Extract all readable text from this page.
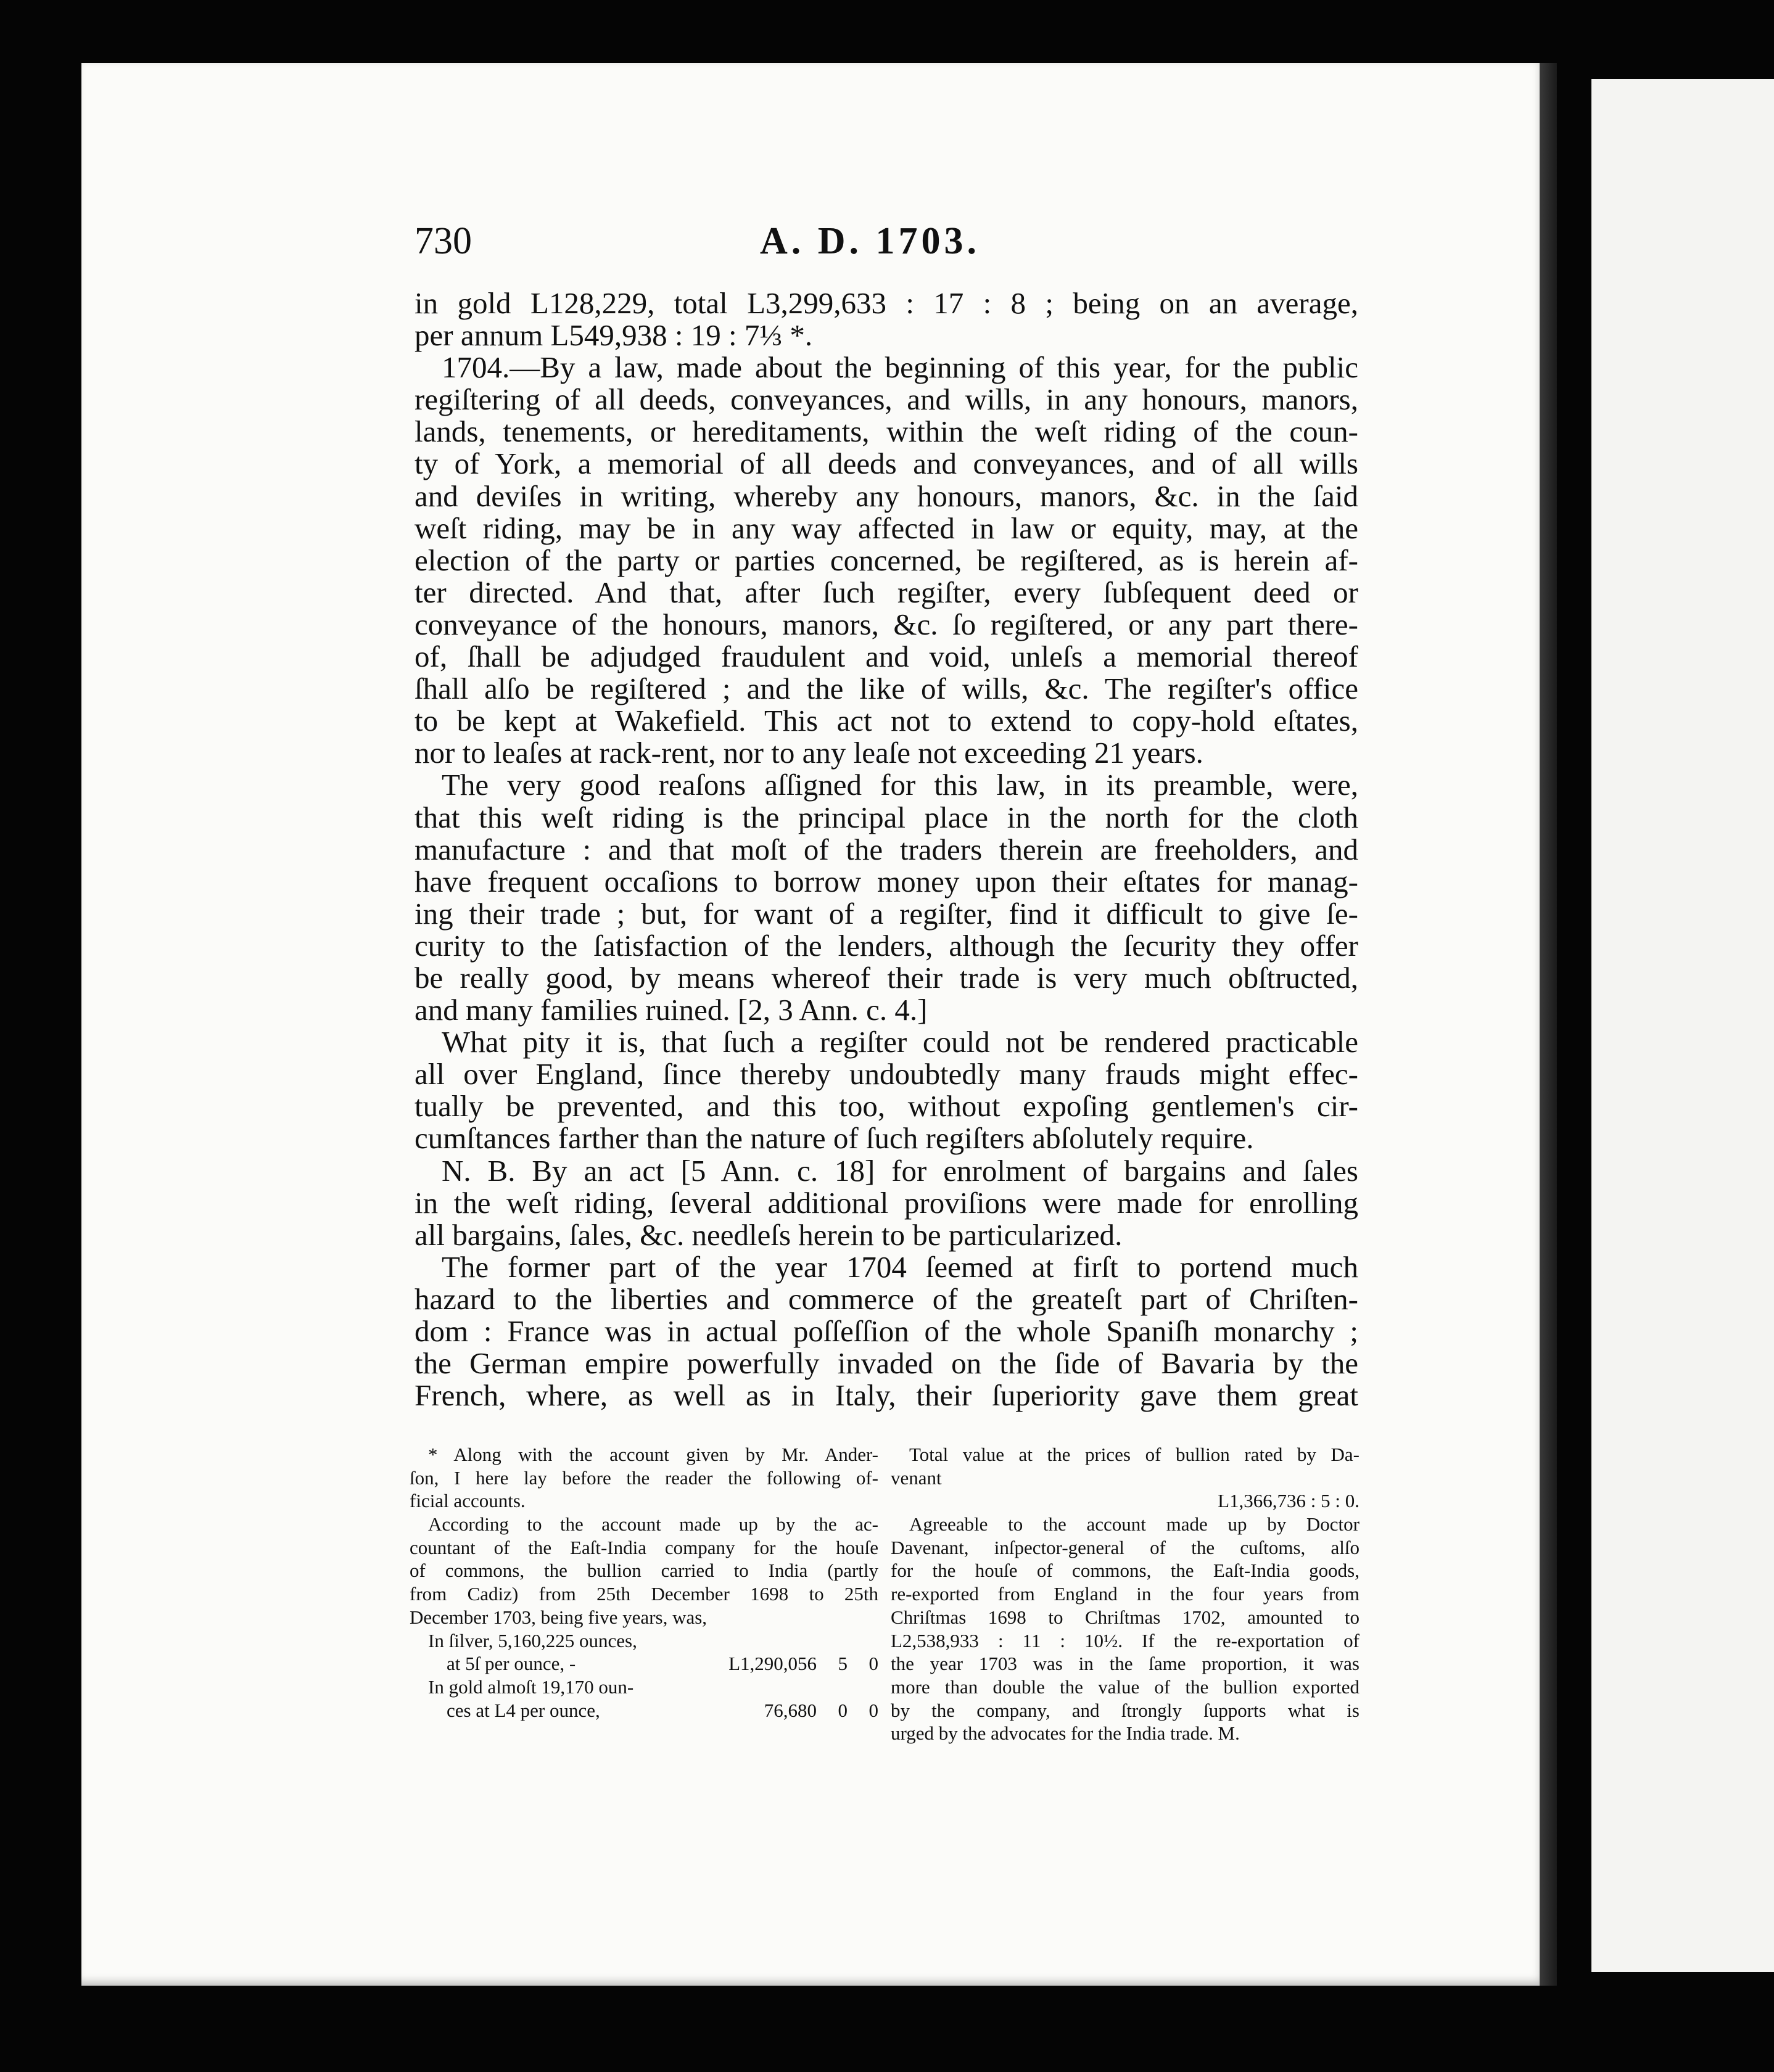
730	A. D. 1703.
in gold L128,229, total L3,299,633 : 17 : 8 ; being on an average,
per annum L549,938 : 19 : 7⅓ *.
1704.—By a law, made about the beginning of this year, for the public
regiſtering of all deeds, conveyances, and wills, in any honours, manors,
lands, tenements, or hereditaments, within the weſt riding of the coun-
ty of York, a memorial of all deeds and conveyances, and of all wills
and deviſes in writing, whereby any honours, manors, &c. in the ſaid
weſt riding, may be in any way affected in law or equity, may, at the
election of the party or parties concerned, be regiſtered, as is herein af-
ter directed. And that, after ſuch regiſter, every ſubſequent deed or
conveyance of the honours, manors, &c. ſo regiſtered, or any part there-
of, ſhall be adjudged fraudulent and void, unleſs a memorial thereof
ſhall alſo be regiſtered ; and the like of wills, &c. The regiſter's office
to be kept at Wakefield. This act not to extend to copy-hold eſtates,
nor to leaſes at rack-rent, nor to any leaſe not exceeding 21 years.
The very good reaſons aſſigned for this law, in its preamble, were,
that this weſt riding is the principal place in the north for the cloth
manufacture : and that moſt of the traders therein are freeholders, and
have frequent occaſions to borrow money upon their eſtates for manag-
ing their trade ; but, for want of a regiſter, find it difficult to give ſe-
curity to the ſatisfaction of the lenders, although the ſecurity they offer
be really good, by means whereof their trade is very much obſtructed,
and many families ruined. [2, 3 Ann. c. 4.]
What pity it is, that ſuch a regiſter could not be rendered practicable
all over England, ſince thereby undoubtedly many frauds might effec-
tually be prevented, and this too, without expoſing gentlemen's cir-
cumſtances farther than the nature of ſuch regiſters abſolutely require.
N. B. By an act [5 Ann. c. 18] for enrolment of bargains and ſales
in the weſt riding, ſeveral additional proviſions were made for enrolling
all bargains, ſales, &c. needleſs herein to be particularized.
The former part of the year 1704 ſeemed at firſt to portend much
hazard to the liberties and commerce of the greateſt part of Chriſten-
dom : France was in actual poſſeſſion of the whole Spaniſh monarchy ;
the German empire powerfully invaded on the ſide of Bavaria by the
French, where, as well as in Italy, their ſuperiority gave them great
* Along with the account given by Mr. Ander-
ſon, I here lay before the reader the following of-
ficial accounts.
According to the account made up by the ac-
countant of the Eaſt-India company for the houſe
of commons, the bullion carried to India (partly
from Cadiz) from 25th December 1698 to 25th
December 1703, being five years, was,
In ſilver, 5,160,225 ounces,
at 5ſ per ounce, -	L1,290,056	5	0
In gold almoſt 19,170 oun-
ces at L4 per ounce,	76,680	0	0
Total value at the prices of bullion rated by Da-
venant
L1,366,736 : 5 : 0.
Agreeable to the account made up by Doctor
Davenant, inſpector-general of the cuſtoms, alſo
for the houſe of commons, the Eaſt-India goods,
re-exported from England in the four years from
Chriſtmas 1698 to Chriſtmas 1702, amounted to
L2,538,933 : 11 : 10½. If the re-exportation of
the year 1703 was in the ſame proportion, it was
more than double the value of the bullion exported
by the company, and ſtrongly ſupports what is
urged by the advocates for the India trade. M.
